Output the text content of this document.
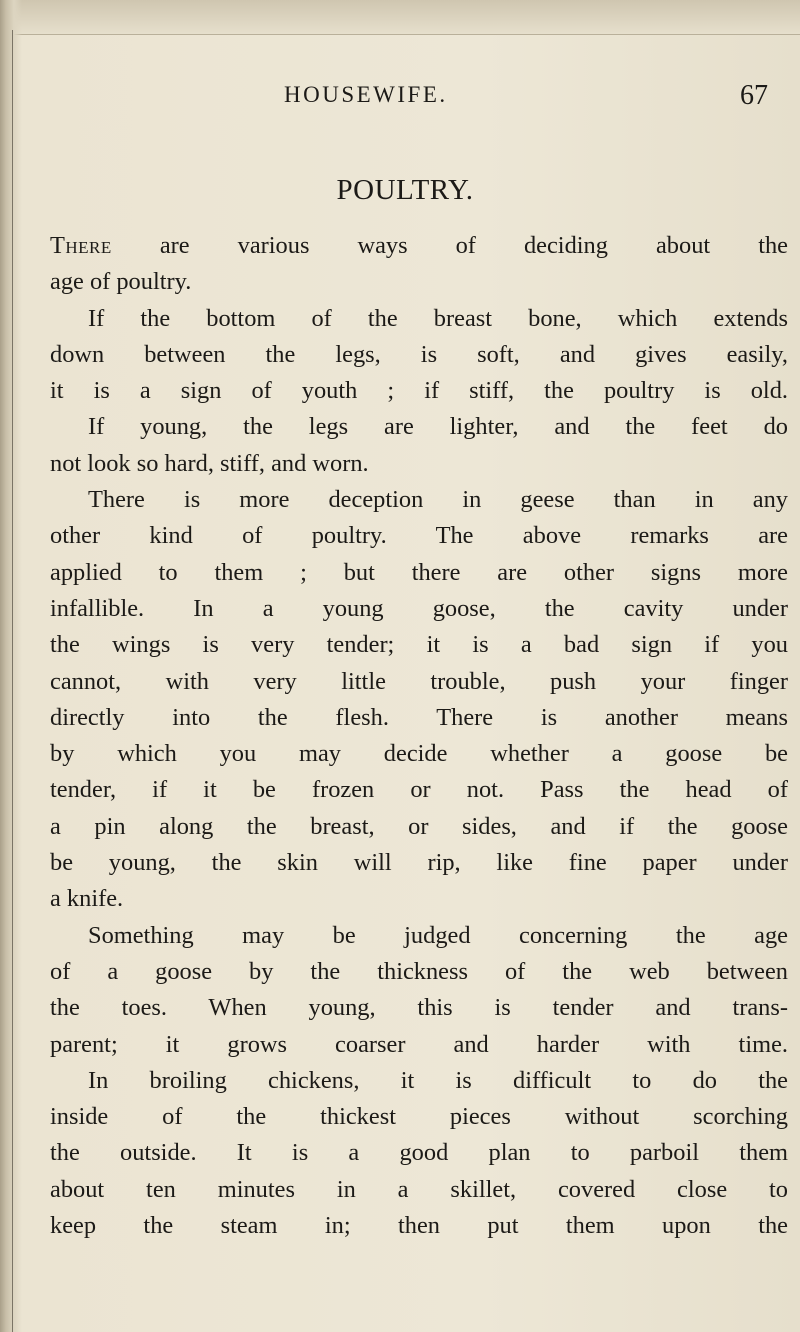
HOUSEWIFE.	67
POULTRY.
There are various ways of deciding about the
age of poultry.
If the bottom of the breast bone, which extends
down between the legs, is soft, and gives easily,
it is a sign of youth ; if stiff, the poultry is old.
If young, the legs are lighter, and the feet do
not look so hard, stiff, and worn.
There is more deception in geese than in any
other kind of poultry. The above remarks are
applied to them ; but there are other signs more
infallible. In a young goose, the cavity under
the wings is very tender; it is a bad sign if you
cannot, with very little trouble, push your finger
directly into the flesh. There is another means
by which you may decide whether a goose be
tender, if it be frozen or not. Pass the head of
a pin along the breast, or sides, and if the goose
be young, the skin will rip, like fine paper under
a knife.
Something may be judged concerning the age
of a goose by the thickness of the web between
the toes. When young, this is tender and trans-
parent; it grows coarser and harder with time.
In broiling chickens, it is difficult to do the
inside of the thickest pieces without scorching
the outside. It is a good plan to parboil them
about ten minutes in a skillet, covered close to
keep the steam in; then put them upon the
